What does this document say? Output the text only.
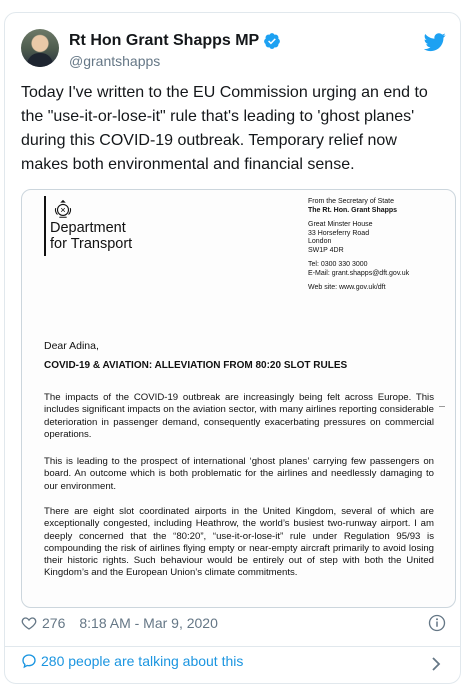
Rt Hon Grant Shapps MP
@grantshapps
Today I've written to the EU Commission urging an end to the "use-it-or-lose-it" rule that's leading to 'ghost planes' during this COVID-19 outbreak. Temporary relief now makes both environmental and financial sense.
Department
for Transport
From the Secretary of State
The Rt. Hon. Grant Shapps
Great Minster House
33 Horseferry Road
London
SW1P 4DR
Tel: 0300 330 3000
E-Mail: grant.shapps@dft.gov.uk
Web site: www.gov.uk/dft
Dear Adina,
COVID-19 & AVIATION: ALLEVIATION FROM 80:20 SLOT RULES
The impacts of the COVID-19 outbreak are increasingly being felt across Europe. This includes significant impacts on the aviation sector, with many airlines reporting considerable deterioration in passenger demand, consequently exacerbating pressures on commercial operations.
This is leading to the prospect of international ‘ghost planes’ carrying few passengers on board. An outcome which is both problematic for the airlines and needlessly damaging to our environment.
There are eight slot coordinated airports in the United Kingdom, several of which are exceptionally congested, including Heathrow, the world’s busiest two-runway airport. I am deeply concerned that the “80:20”, “use-it-or-lose-it” rule under Regulation 95/93 is compounding the risk of airlines flying empty or near-empty aircraft primarily to avoid losing their historic rights. Such behaviour would be entirely out of step with both the United Kingdom’s and the European Union’s climate commitments.
276 8:18 AM - Mar 9, 2020
280 people are talking about this
